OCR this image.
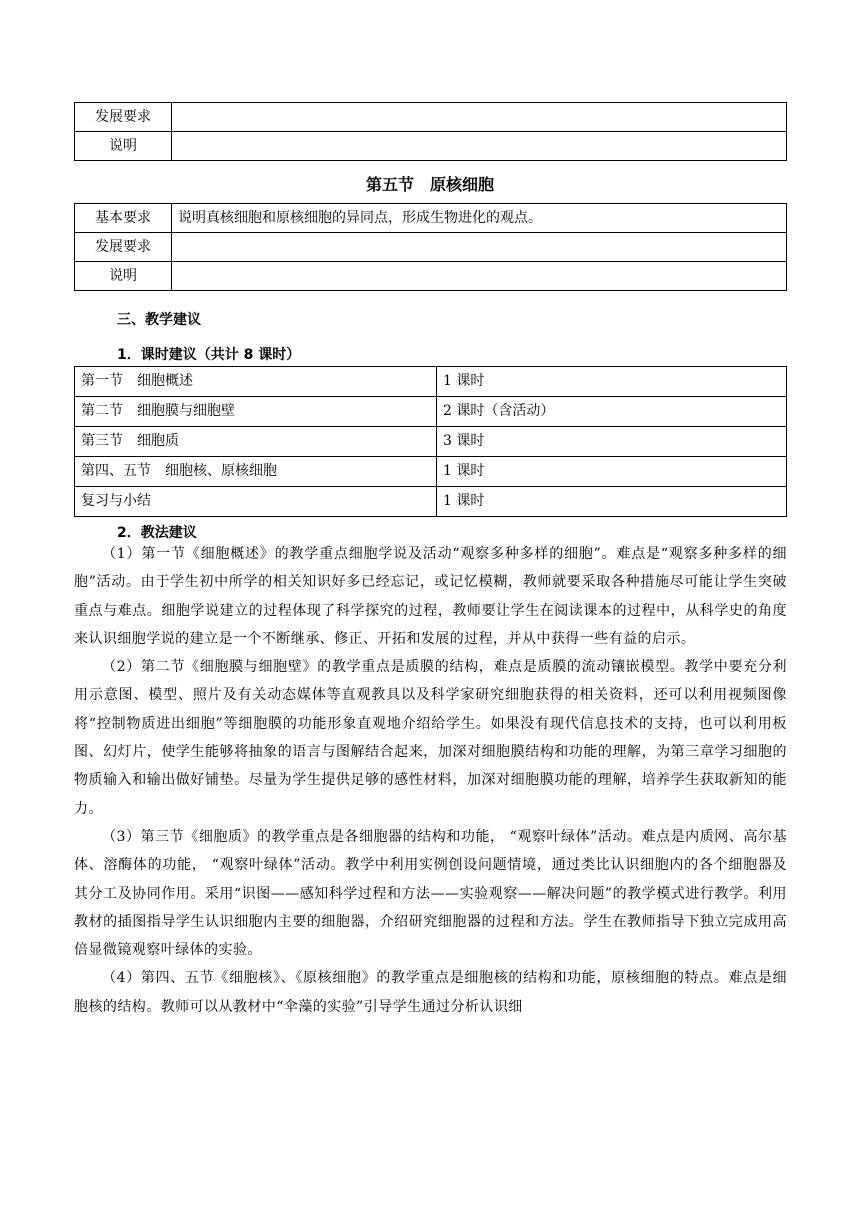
发展要求	
说明	
第五节　原核细胞
基本要求	说明真核细胞和原核细胞的异同点，形成生物进化的观点。
发展要求	
说明	
三、教学建议
1．课时建议（共计 8 课时）
第一节　细胞概述	1 课时
第二节　细胞膜与细胞壁	2 课时（含活动）
第三节　细胞质	3 课时
第四、五节　细胞核、原核细胞	1 课时
复习与小结	1 课时
2．教法建议

（1）第一节《细胞概述》的教学重点细胞学说及活动“观察多种多样的细胞”。难点是“观察多种多样的细胞”活动。由于学生初中所学的相关知识好多已经忘记，或记忆模糊，教师就要采取各种措施尽可能让学生突破重点与难点。细胞学说建立的过程体现了科学探究的过程，教师要让学生在阅读课本的过程中，从科学史的角度来认识细胞学说的建立是一个不断继承、修正、开拓和发展的过程，并从中获得一些有益的启示。

（2）第二节《细胞膜与细胞壁》的教学重点是质膜的结构，难点是质膜的流动镶嵌模型。教学中要充分利用示意图、模型、照片及有关动态媒体等直观教具以及科学家研究细胞获得的相关资料，还可以利用视频图像将“控制物质进出细胞”等细胞膜的功能形象直观地介绍给学生。如果没有现代信息技术的支持，也可以利用板图、幻灯片，使学生能够将抽象的语言与图解结合起来，加深对细胞膜结构和功能的理解，为第三章学习细胞的物质输入和输出做好铺垫。尽量为学生提供足够的感性材料，加深对细胞膜功能的理解，培养学生获取新知的能力。

（3）第三节《细胞质》的教学重点是各细胞器的结构和功能， “观察叶绿体”活动。难点是内质网、高尔基体、溶酶体的功能， “观察叶绿体”活动。教学中利用实例创设问题情境，通过类比认识细胞内的各个细胞器及其分工及协同作用。采用“识图——感知科学过程和方法——实验观察——解决问题”的教学模式进行教学。利用教材的插图指导学生认识细胞内主要的细胞器，介绍研究细胞器的过程和方法。学生在教师指导下独立完成用高倍显微镜观察叶绿体的实验。

（4）第四、五节《细胞核》、《原核细胞》的教学重点是细胞核的结构和功能，原核细胞的特点。难点是细胞核的结构。教师可以从教材中“伞藻的实验”引导学生通过分析认识细
